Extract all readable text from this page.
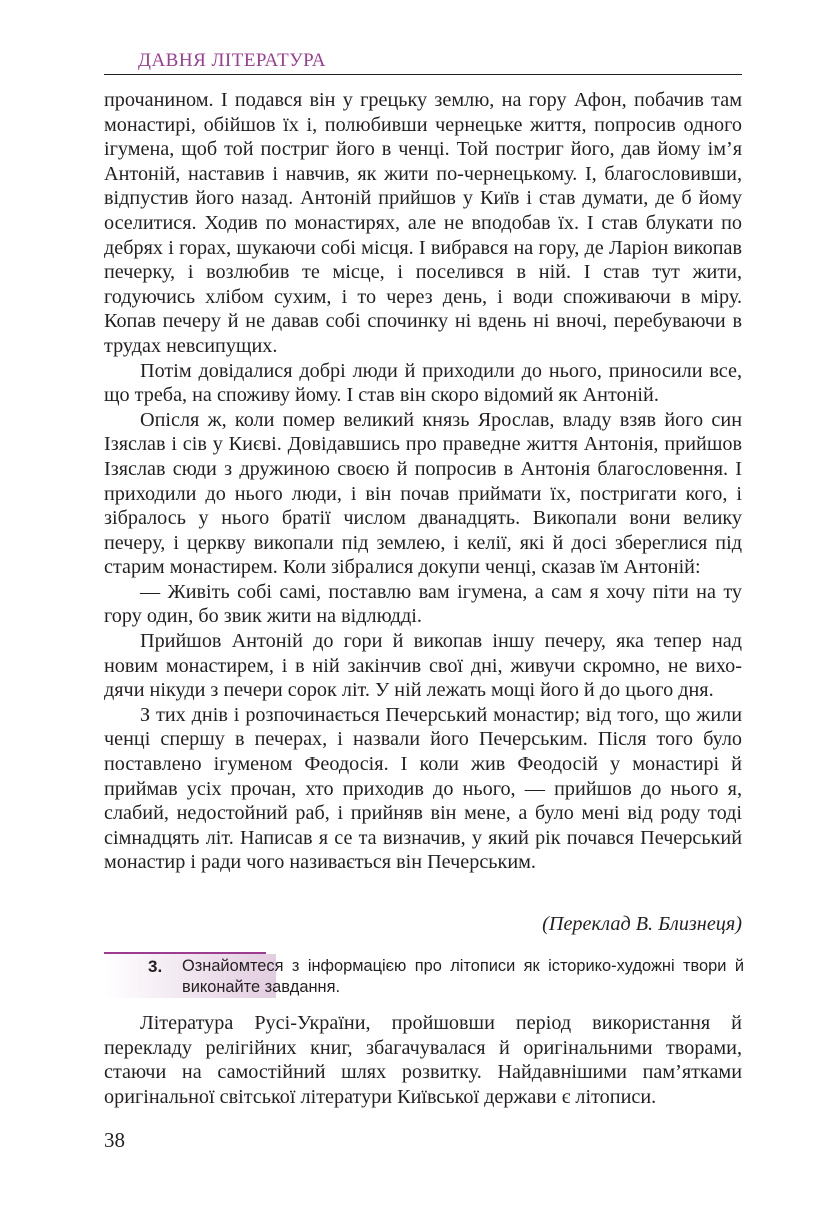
ДАВНЯ ЛІТЕРАТУРА

прочанином. І подався він у грецьку землю, на гору Афон, побачив там монастирі, обійшов їх і, полюбивши чернецьке життя, попросив одного ігумена, щоб той постриг його в ченці. Той постриг його, дав йому ім’я Антоній, наставив і навчив, як жити по-чернецькому. І, благословивши, відпустив його назад. Антоній прийшов у Київ і став думати, де б йому оселитися. Ходив по монастирях, але не вподобав їх. І став блукати по дебрях і горах, шукаючи собі місця. І вибрався на гору, де Ларіон викопав печерку, і возлюбив те місце, і поселився в ній. І став тут жити, годуючись хлібом сухим, і то через день, і води споживаючи в міру. Копав печеру й не давав собі спочинку ні вдень ні вночі, перебуваючи в трудах невсипущих.

Потім довідалися добрі люди й приходили до нього, приносили все, що треба, на споживу йому. І став він скоро відомий як Антоній.

Опісля ж, коли помер великий князь Ярослав, владу взяв його син Ізяслав і сів у Києві. Довідавшись про праведне життя Антонія, прийшов Ізяслав сюди з дружиною своєю й попросив в Антонія благословення. І приходили до нього люди, і він почав приймати їх, постригати кого, і зібралось у нього братії числом дванадцять. Викопали вони велику печеру, і церкву викопали під землею, і келії, які й досі збереглися під старим монастирем. Коли зібралися докупи ченці, сказав їм Антоній:

— Живіть собі самі, поставлю вам ігумена, а сам я хочу піти на ту гору один, бо звик жити на відлюдді.

Прийшов Антоній до гори й викопав іншу печеру, яка тепер над новим монастирем, і в ній закінчив свої дні, живучи скромно, не виходячи нікуди з печери сорок літ. У ній лежать мощі його й до цього дня.

З тих днів і розпочинається Печерський монастир; від того, що жили ченці спершу в печерах, і назвали його Печерським. Після того було поставлено ігуменом Феодосія. І коли жив Феодосій у монастирі й приймав усіх прочан, хто приходив до нього, — прийшов до нього я, слабий, недостойний раб, і прийняв він мене, а було мені від роду тоді сімнадцять літ. Написав я се та визначив, у який рік почався Печерський монастир і ради чого називається він Печерським.

(Переклад В. Близнеця)
3. Ознайомтеся з інформацією про літописи як історико-художні твори й виконайте завдання.

Література Русі-України, пройшовши період використання й перекладу релігійних книг, збагачувалася й оригінальними творами, стаючи на самостійний шлях розвитку. Найдавнішими пам’ятками оригінальної світської літератури Київської держави є літописи.

38
